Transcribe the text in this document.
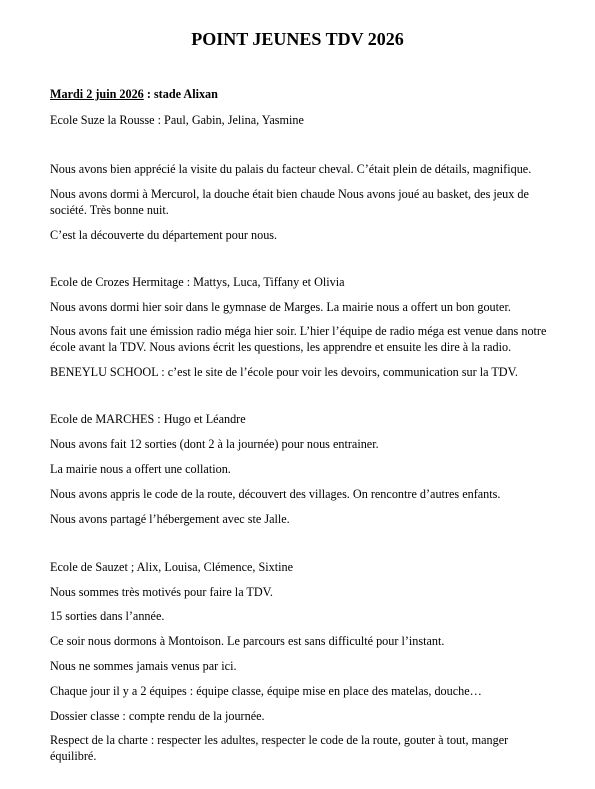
POINT JEUNES TDV 2026
Mardi 2 juin 2026 : stade Alixan

Ecole Suze la Rousse : Paul, Gabin, Jelina, Yasmine

Nous avons bien apprécié la visite du palais du facteur cheval. C’était plein de détails, magnifique.

Nous avons dormi à Mercurol, la douche était bien chaude Nous avons joué au basket, des jeux de société. Très bonne nuit.

C’est la découverte du département pour nous.

Ecole de Crozes Hermitage : Mattys, Luca, Tiffany et Olivia

Nous avons dormi hier soir dans le gymnase de Marges. La mairie nous a offert un bon gouter.

Nous avons fait une émission radio méga hier soir. L’hier l’équipe de radio méga est venue dans notre école avant la TDV. Nous avions écrit les questions, les apprendre et ensuite les dire à la radio.

BENEYLU SCHOOL : c’est le site de l’école pour voir les devoirs, communication sur la TDV.

Ecole de MARCHES : Hugo et Léandre

Nous avons fait 12 sorties (dont 2 à la journée) pour nous entrainer.

La mairie nous a offert une collation.

Nous avons appris le code de la route, découvert des villages. On rencontre d’autres enfants.

Nous avons partagé l’hébergement avec ste Jalle.

Ecole de Sauzet ; Alix, Louisa, Clémence, Sixtine

Nous sommes très motivés pour faire la TDV.

15 sorties dans l’année.

Ce soir nous dormons à Montoison. Le parcours est sans difficulté pour l’instant.

Nous ne sommes jamais venus par ici.

Chaque jour il y a 2 équipes : équipe classe, équipe mise en place des matelas, douche…

Dossier classe : compte rendu de la journée.

Respect de la charte : respecter les adultes, respecter le code de la route, gouter à tout, manger équilibré.
